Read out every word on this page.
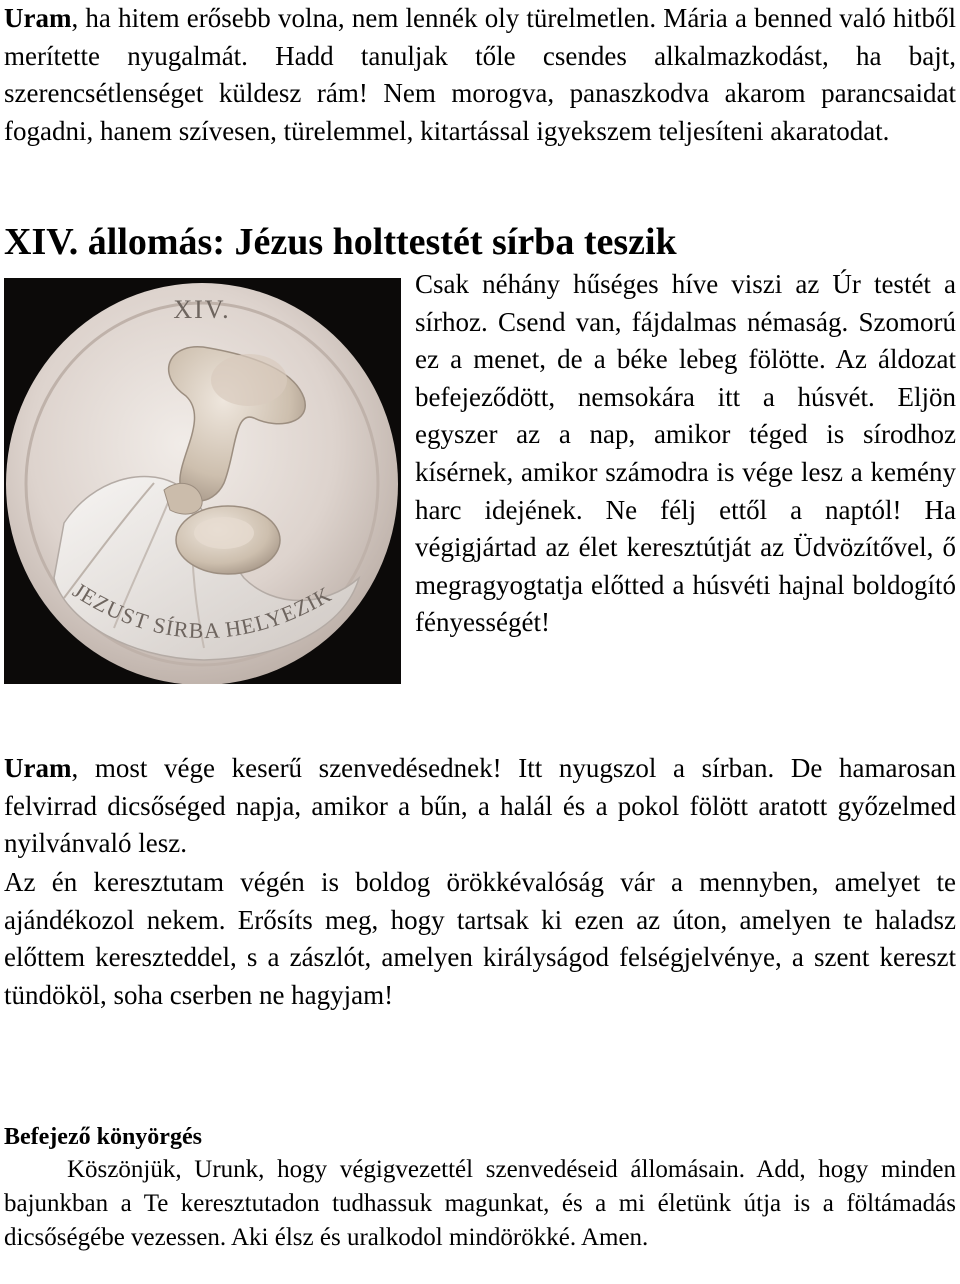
Uram, ha hitem erősebb volna, nem lennék oly türelmetlen. Mária a benned való hitből merítette nyugalmát. Hadd tanuljak tőle csendes alkalmazkodást, ha bajt, szerencsétlenséget küldesz rám! Nem morogva, panaszkodva akarom parancsaidat fogadni, hanem szívesen, türelemmel, kitartással igyekszem teljesíteni akaratodat.

XIV. állomás: Jézus holttestét sírba teszik
XIV.
JEZUST SÍRBA HELYEZIK

Csak néhány hűséges híve viszi az Úr testét a sírhoz. Csend van, fájdalmas némaság. Szomorú ez a menet, de a béke lebeg fölötte. Az áldozat befejeződött, nemsokára itt a húsvét. Eljön egyszer az a nap, amikor téged is sírodhoz kísérnek, amikor számodra is vége lesz a kemény harc idejének. Ne félj ettől a naptól! Ha végigjártad az élet keresztútját az Üdvözítővel, ő megragyogtatja előtted a húsvéti hajnal boldogító fényességét!

Uram, most vége keserű szenvedésednek! Itt nyugszol a sírban. De hamarosan felvirrad dicsőséged napja, amikor a bűn, a halál és a pokol fölött aratott győzelmed nyilvánvaló lesz.

Az én keresztutam végén is boldog örökkévalóság vár a mennyben, amelyet te ajándékozol nekem. Erősíts meg, hogy tartsak ki ezen az úton, amelyen te haladsz előttem kereszteddel, s a zászlót, amelyen királyságod felségjelvénye, a szent kereszt tündököl, soha cserben ne hagyjam!

Befejező könyörgés

Köszönjük, Urunk, hogy végigvezettél szenvedéseid állomásain. Add, hogy minden bajunkban a Te keresztutadon tudhassuk magunkat, és a mi életünk útja is a föltámadás dicsőségébe vezessen. Aki élsz és uralkodol mindörökké. Amen.
